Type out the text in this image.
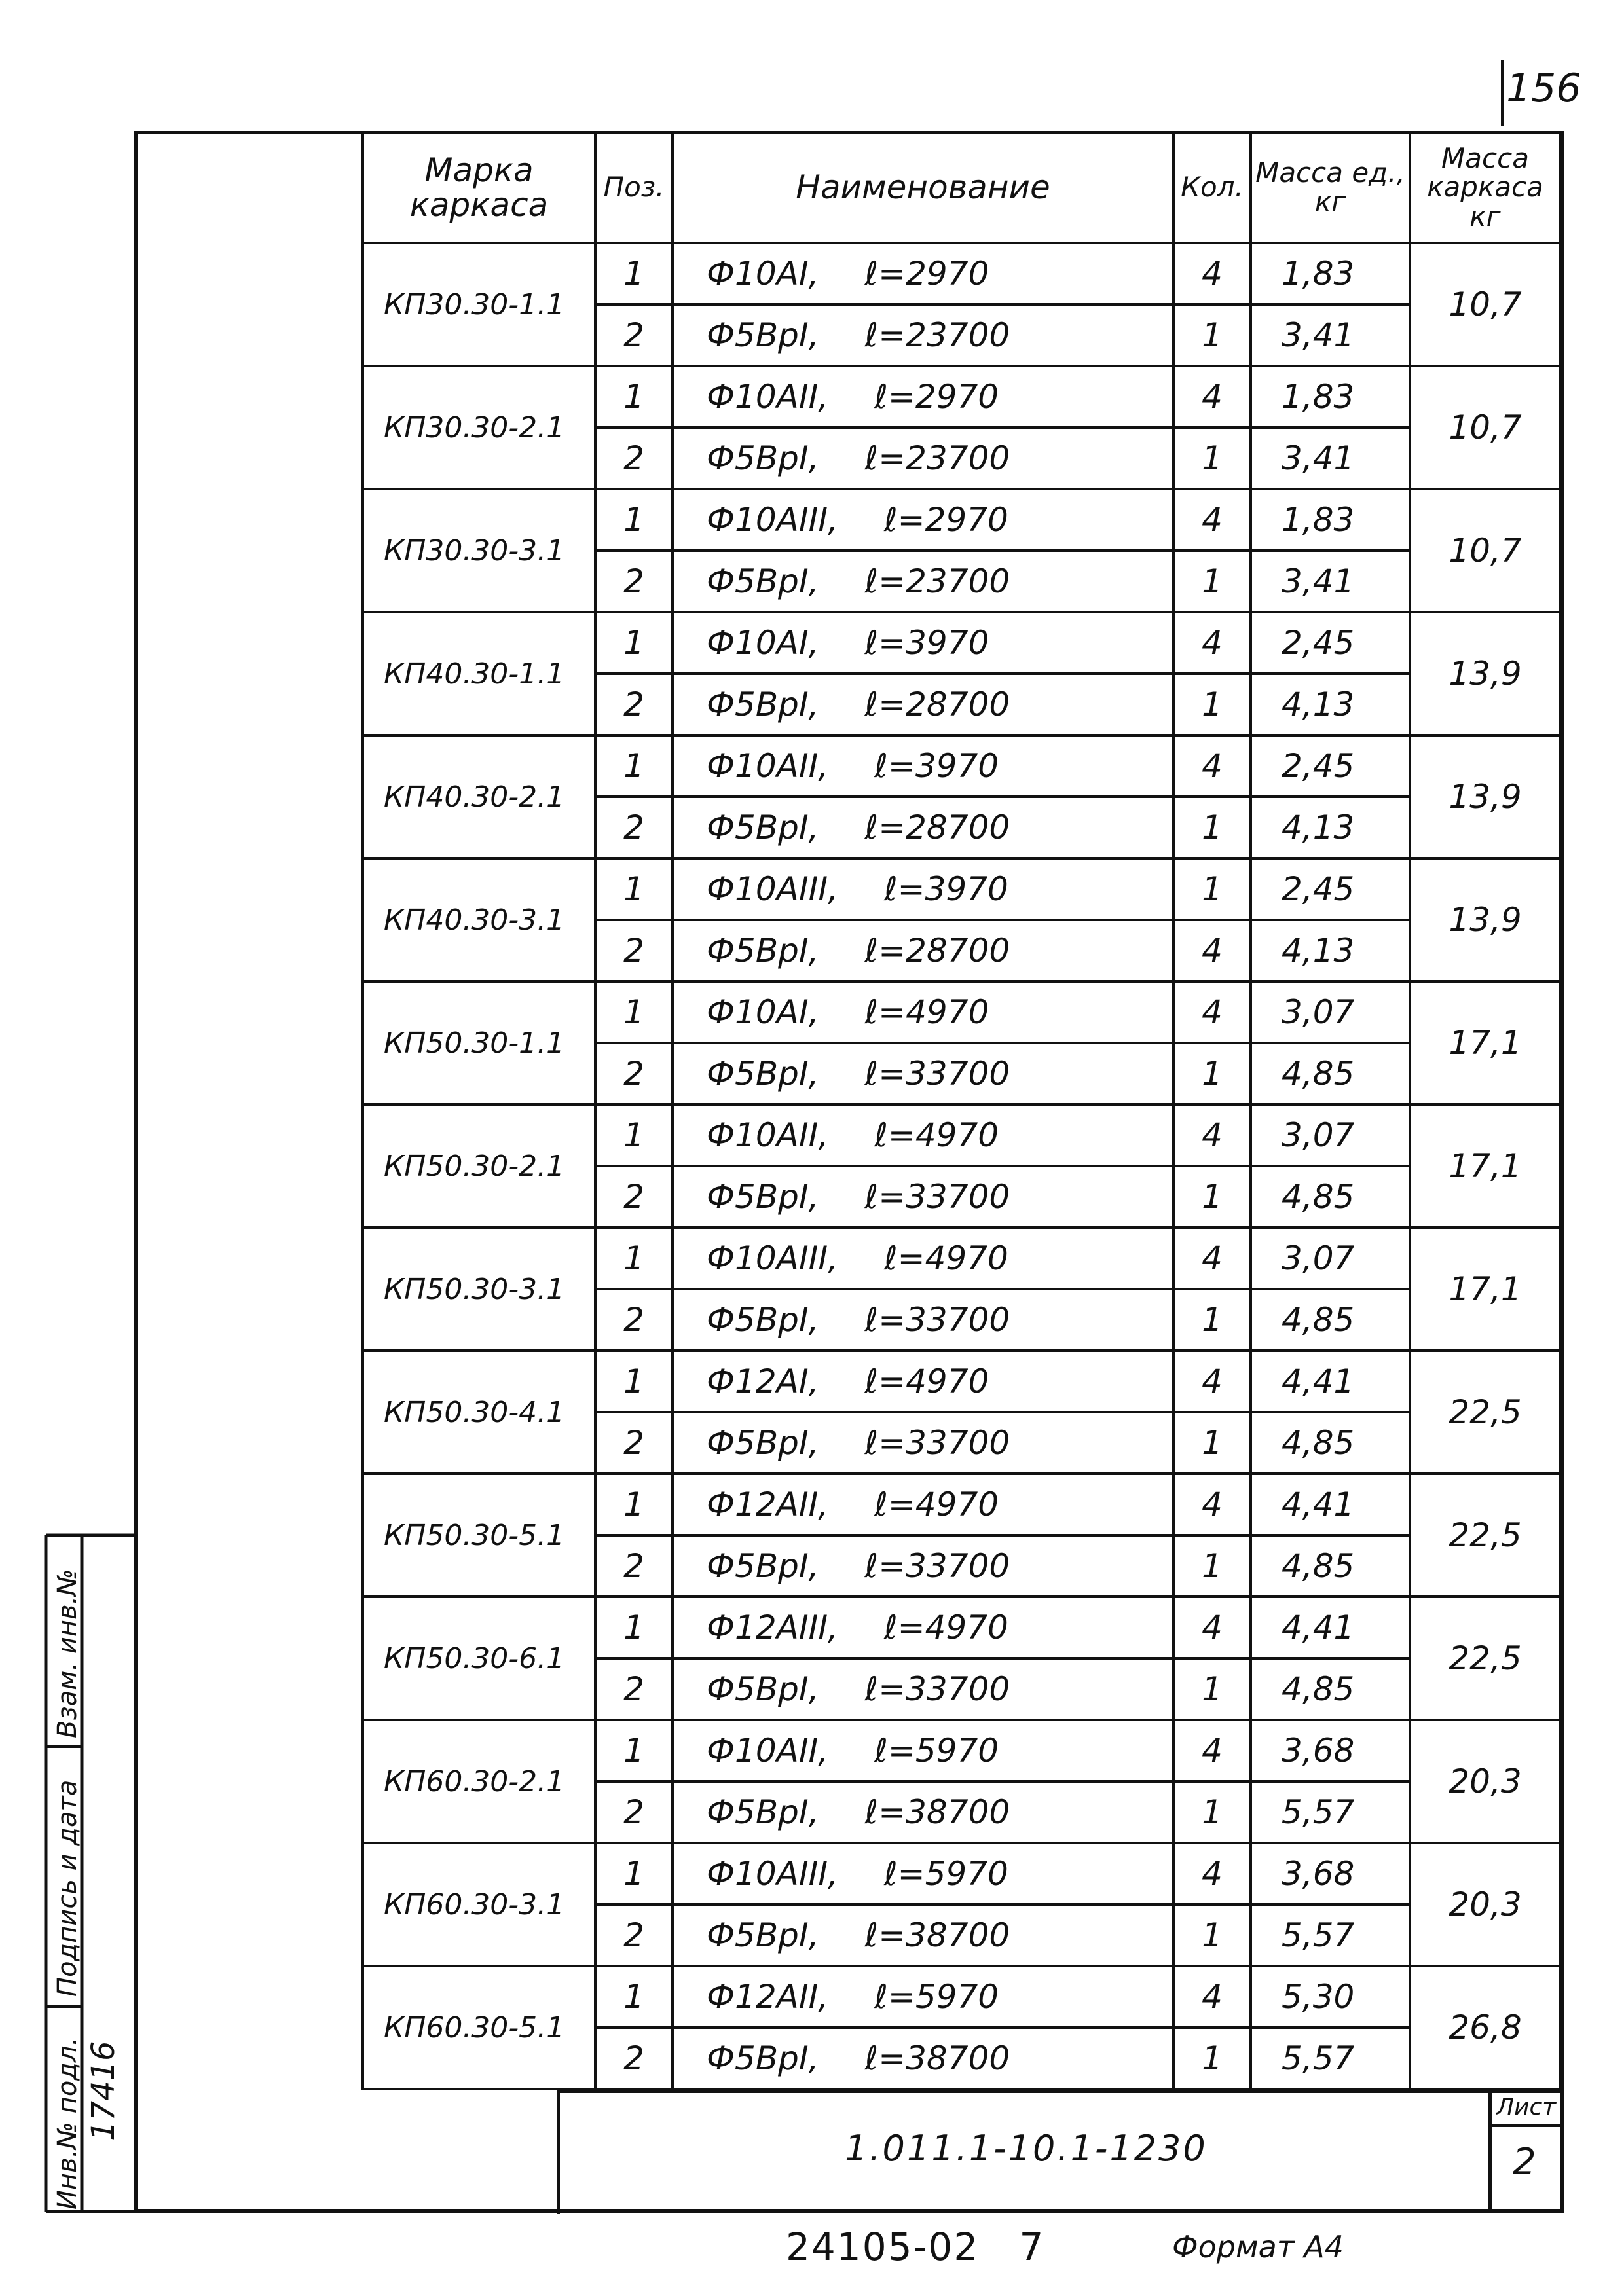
156
Марка каркаса	Поз.	Наименование	Кол.	Масса ед., кг	Масса каркаса кг
КП30.30-1.1	1	Ф10АI, ℓ=2970	4	1,83	10,7
	2	Ф5ВрI, ℓ=23700	1	3,41	
КП30.30-2.1	1	Ф10АII, ℓ=2970	4	1,83	10,7
	2	Ф5ВрI, ℓ=23700	1	3,41	
КП30.30-3.1	1	Ф10АIII, ℓ=2970	4	1,83	10,7
	2	Ф5ВрI, ℓ=23700	1	3,41	
КП40.30-1.1	1	Ф10АI, ℓ=3970	4	2,45	13,9
	2	Ф5ВрI, ℓ=28700	1	4,13	
КП40.30-2.1	1	Ф10АII, ℓ=3970	4	2,45	13,9
	2	Ф5ВрI, ℓ=28700	1	4,13	
КП40.30-3.1	1	Ф10АIII, ℓ=3970	1	2,45	13,9
	2	Ф5ВрI, ℓ=28700	4	4,13	
КП50.30-1.1	1	Ф10АI, ℓ=4970	4	3,07	17,1
	2	Ф5ВрI, ℓ=33700	1	4,85	
КП50.30-2.1	1	Ф10АII, ℓ=4970	4	3,07	17,1
	2	Ф5ВрI, ℓ=33700	1	4,85	
КП50.30-3.1	1	Ф10АIII, ℓ=4970	4	3,07	17,1
	2	Ф5ВрI, ℓ=33700	1	4,85	
КП50.30-4.1	1	Ф12АI, ℓ=4970	4	4,41	22,5
	2	Ф5ВрI, ℓ=33700	1	4,85	
КП50.30-5.1	1	Ф12АII, ℓ=4970	4	4,41	22,5
	2	Ф5ВрI, ℓ=33700	1	4,85	
КП50.30-6.1	1	Ф12АIII, ℓ=4970	4	4,41	22,5
	2	Ф5ВрI, ℓ=33700	1	4,85	
КП60.30-2.1	1	Ф10АII, ℓ=5970	4	3,68	20,3
	2	Ф5ВрI, ℓ=38700	1	5,57	
КП60.30-3.1	1	Ф10АIII, ℓ=5970	4	3,68	20,3
	2	Ф5ВрI, ℓ=38700	1	5,57	
КП60.30-5.1	1	Ф12АII, ℓ=5970	4	5,30	26,8
	2	Ф5ВрI, ℓ=38700	1	5,57	
1.011.1-10.1-1230
Лист
2
24105-02   7	Формат А4
Взам. инв.№
Подпись и дата
Инв.№ подл. 17416
